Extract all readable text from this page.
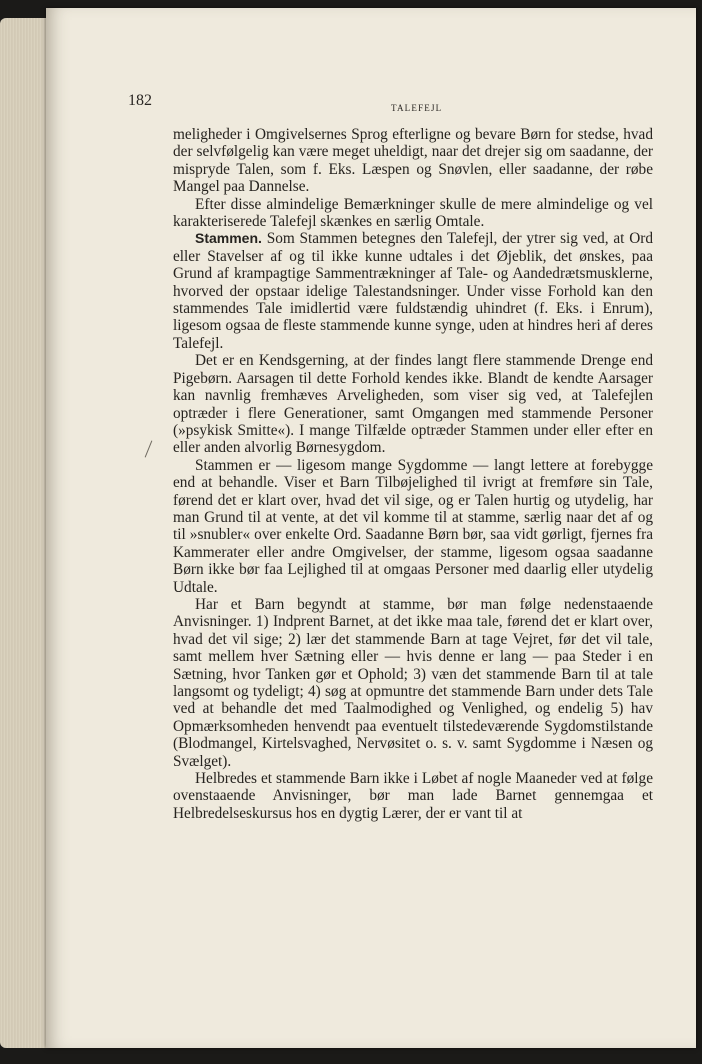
182	TALEFEJL

meligheder i Omgivelsernes Sprog efterligne og bevare Børn for stedse, hvad der selvfølgelig kan være meget uheldigt, naar det drejer sig om saadanne, der mispryde Talen, som f. Eks. Læspen og Snøvlen, eller saadanne, der røbe Mangel paa Dannelse.

Efter disse almindelige Bemærkninger skulle de mere almindelige og vel karakteriserede Talefejl skænkes en særlig Omtale.

Stammen. Som Stammen betegnes den Talefejl, der ytrer sig ved, at Ord eller Stavelser af og til ikke kunne udtales i det Øjeblik, det ønskes, paa Grund af krampagtige Sammentrækninger af Tale- og Aandedrætsmusklerne, hvorved der opstaar idelige Talestandsninger. Under visse Forhold kan den stammendes Tale imidlertid være fuldstændig uhindret (f. Eks. i Enrum), ligesom ogsaa de fleste stammende kunne synge, uden at hindres heri af deres Talefejl.

Det er en Kendsgerning, at der findes langt flere stammende Drenge end Pigebørn. Aarsagen til dette Forhold kendes ikke. Blandt de kendte Aarsager kan navnlig fremhæves Arveligheden, som viser sig ved, at Talefejlen optræder i flere Generationer, samt Omgangen med stammende Personer (»psykisk Smitte«). I mange Tilfælde optræder Stammen under eller efter en eller anden alvorlig Børnesygdom.

Stammen er — ligesom mange Sygdomme — langt lettere at forebygge end at behandle. Viser et Barn Tilbøjelighed til ivrigt at fremføre sin Tale, førend det er klart over, hvad det vil sige, og er Talen hurtig og utydelig, har man Grund til at vente, at det vil komme til at stamme, særlig naar det af og til »snubler« over enkelte Ord. Saadanne Børn bør, saa vidt gørligt, fjernes fra Kammerater eller andre Omgivelser, der stamme, ligesom ogsaa saadanne Børn ikke bør faa Lejlighed til at omgaas Personer med daarlig eller utydelig Udtale.

Har et Barn begyndt at stamme, bør man følge nedenstaaende Anvisninger. 1) Indprent Barnet, at det ikke maa tale, førend det er klart over, hvad det vil sige; 2) lær det stammende Barn at tage Vejret, før det vil tale, samt mellem hver Sætning eller — hvis denne er lang — paa Steder i en Sætning, hvor Tanken gør et Ophold; 3) væn det stammende Barn til at tale langsomt og tydeligt; 4) søg at opmuntre det stammende Barn under dets Tale ved at behandle det med Taalmodighed og Venlighed, og endelig 5) hav Opmærksomheden henvendt paa eventuelt tilstedeværende Sygdomstilstande (Blodmangel, Kirtelsvaghed, Nervøsitet o. s. v. samt Sygdomme i Næsen og Svælget).

Helbredes et stammende Barn ikke i Løbet af nogle Maaneder ved at følge ovenstaaende Anvisninger, bør man lade Barnet gennemgaa et Helbredelseskursus hos en dygtig Lærer, der er vant til at
